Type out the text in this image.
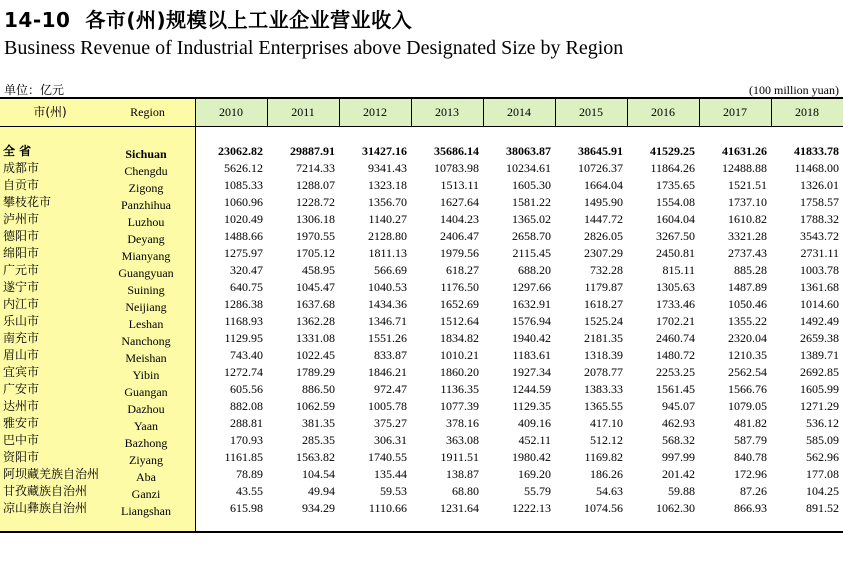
14-10 各市(州)规模以上工业企业营业收入
Business Revenue of Industrial Enterprises above Designated Size by Region
单位：亿元	(100 million yuan)
市(州)	Region	2010	2011	2012	2013	2014	2015	2016	2017	2018
全 省	Sichuan	23062.82	29887.91	31427.16	35686.14	38063.87	38645.91	41529.25	41631.26	41833.78
成都市	Chengdu	5626.12	7214.33	9341.43	10783.98	10234.61	10726.37	11864.26	12488.88	11468.00
自贡市	Zigong	1085.33	1288.07	1323.18	1513.11	1605.30	1664.04	1735.65	1521.51	1326.01
攀枝花市	Panzhihua	1060.96	1228.72	1356.70	1627.64	1581.22	1495.90	1554.08	1737.10	1758.57
泸州市	Luzhou	1020.49	1306.18	1140.27	1404.23	1365.02	1447.72	1604.04	1610.82	1788.32
德阳市	Deyang	1488.66	1970.55	2128.80	2406.47	2658.70	2826.05	3267.50	3321.28	3543.72
绵阳市	Mianyang	1275.97	1705.12	1811.13	1979.56	2115.45	2307.29	2450.81	2737.43	2731.11
广元市	Guangyuan	320.47	458.95	566.69	618.27	688.20	732.28	815.11	885.28	1003.78
遂宁市	Suining	640.75	1045.47	1040.53	1176.50	1297.66	1179.87	1305.63	1487.89	1361.68
内江市	Neijiang	1286.38	1637.68	1434.36	1652.69	1632.91	1618.27	1733.46	1050.46	1014.60
乐山市	Leshan	1168.93	1362.28	1346.71	1512.64	1576.94	1525.24	1702.21	1355.22	1492.49
南充市	Nanchong	1129.95	1331.08	1551.26	1834.82	1940.42	2181.35	2460.74	2320.04	2659.38
眉山市	Meishan	743.40	1022.45	833.87	1010.21	1183.61	1318.39	1480.72	1210.35	1389.71
宜宾市	Yibin	1272.74	1789.29	1846.21	1860.20	1927.34	2078.77	2253.25	2562.54	2692.85
广安市	Guangan	605.56	886.50	972.47	1136.35	1244.59	1383.33	1561.45	1566.76	1605.99
达州市	Dazhou	882.08	1062.59	1005.78	1077.39	1129.35	1365.55	945.07	1079.05	1271.29
雅安市	Yaan	288.81	381.35	375.27	378.16	409.16	417.10	462.93	481.82	536.12
巴中市	Bazhong	170.93	285.35	306.31	363.08	452.11	512.12	568.32	587.79	585.09
资阳市	Ziyang	1161.85	1563.82	1740.55	1911.51	1980.42	1169.82	997.99	840.78	562.96
阿坝藏羌族自治州	Aba	78.89	104.54	135.44	138.87	169.20	186.26	201.42	172.96	177.08
甘孜藏族自治州	Ganzi	43.55	49.94	59.53	68.80	55.79	54.63	59.88	87.26	104.25
凉山彝族自治州	Liangshan	615.98	934.29	1110.66	1231.64	1222.13	1074.56	1062.30	866.93	891.52
